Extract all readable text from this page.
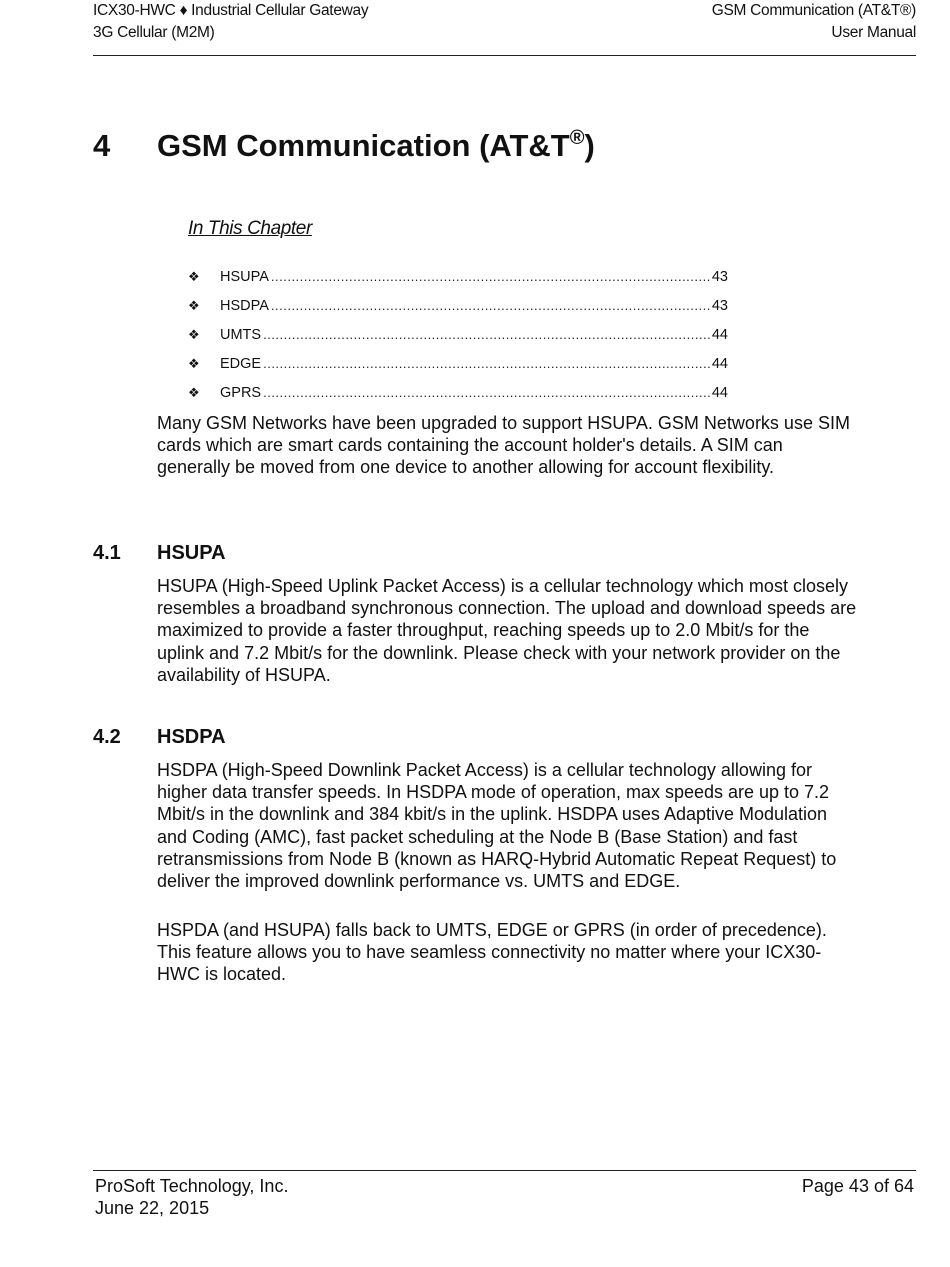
ICX30-HWC ♦ Industrial Cellular Gateway
3G Cellular (M2M)
GSM Communication (AT&T®)
User Manual
4 GSM Communication (AT&T®)
In This Chapter
❖	HSUPA .....	43
❖	HSDPA .....	43
❖	UMTS .....	44
❖	EDGE .....	44
❖	GPRS .....	44

Many GSM Networks have been upgraded to support HSUPA. GSM Networks use SIM cards which are smart cards containing the account holder's details. A SIM can generally be moved from one device to another allowing for account flexibility.

4.1 HSUPA

HSUPA (High-Speed Uplink Packet Access) is a cellular technology which most closely resembles a broadband synchronous connection. The upload and download speeds are maximized to provide a faster throughput, reaching speeds up to 2.0 Mbit/s for the uplink and 7.2 Mbit/s for the downlink. Please check with your network provider on the availability of HSUPA.

4.2 HSDPA

HSDPA (High-Speed Downlink Packet Access) is a cellular technology allowing for higher data transfer speeds. In HSDPA mode of operation, max speeds are up to 7.2 Mbit/s in the downlink and 384 kbit/s in the uplink. HSDPA uses Adaptive Modulation and Coding (AMC), fast packet scheduling at the Node B (Base Station) and fast retransmissions from Node B (known as HARQ-Hybrid Automatic Repeat Request) to deliver the improved downlink performance vs. UMTS and EDGE.

HSPDA (and HSUPA) falls back to UMTS, EDGE or GPRS (in order of precedence). This feature allows you to have seamless connectivity no matter where your ICX30-HWC is located.

ProSoft Technology, Inc.
June 22, 2015
Page 43 of 64
